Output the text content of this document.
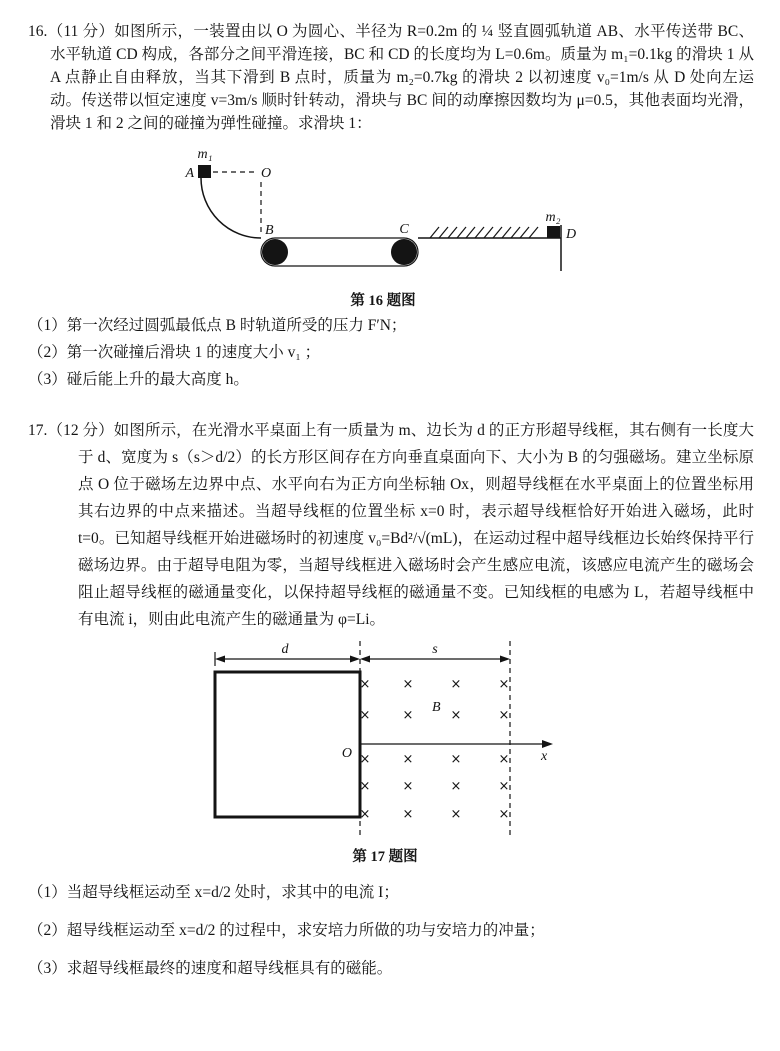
16.（11 分）如图所示，一装置由以 O 为圆心、半径为 R=0.2m 的 ¼ 竖直圆弧轨道 AB、水平传送带 BC、水平轨道 CD 构成，各部分之间平滑连接，BC 和 CD 的长度均为 L=0.6m。质量为 m₁=0.1kg 的滑块 1 从 A 点静止自由释放，当其下滑到 B 点时，质量为 m₂=0.7kg 的滑块 2 以初速度 v₀=1m/s 从 D 处向左运动。传送带以恒定速度 v=3m/s 顺时针转动，滑块与 BC 间的动摩擦因数均为 μ=0.5，其他表面均光滑，滑块 1 和 2 之间的碰撞为弹性碰撞。求滑块 1：

m₁
A	O
B	C
m₂
D
第 16 题图

（1）第一次经过圆弧最低点 B 时轨道所受的压力 F′N；

（2）第一次碰撞后滑块 1 的速度大小 v₁ ；

（3）碰后能上升的最大高度 h。

17.（12 分）如图所示，在光滑水平桌面上有一质量为 m、边长为 d 的正方形超导线框，其右侧有一长度大于 d、宽度为 s（s＞d/2）的长方形区间存在方向垂直桌面向下、大小为 B 的匀强磁场。建立坐标原点 O 位于磁场左边界中点、水平向右为正方向坐标轴 Ox，则超导线框在水平桌面上的位置坐标用其右边界的中点来描述。当超导线框的位置坐标 x=0 时，表示超导线框恰好开始进入磁场，此时 t=0。已知超导线框开始进磁场时的初速度 v₀=Bd²/√(mL)，在运动过程中超导线框边长始终保持平行磁场边界。由于超导电阻为零，当超导线框进入磁场时会产生感应电流，该感应电流产生的磁场会阻止超导线框的磁通量变化，以保持超导线框的磁通量不变。已知线框的电感为 L，若超导线框中有电流 i，则由此电流产生的磁通量为 φ=Li。

d	s
O	x
B
× ×	×	×
× ×	×	×
× ×	×	×
× ×	×	×
× ×	×	×
第 17 题图

（1）当超导线框运动至 x=d/2 处时，求其中的电流 I；

（2）超导线框运动至 x=d/2 的过程中，求安培力所做的功与安培力的冲量；

（3）求超导线框最终的速度和超导线框具有的磁能。
